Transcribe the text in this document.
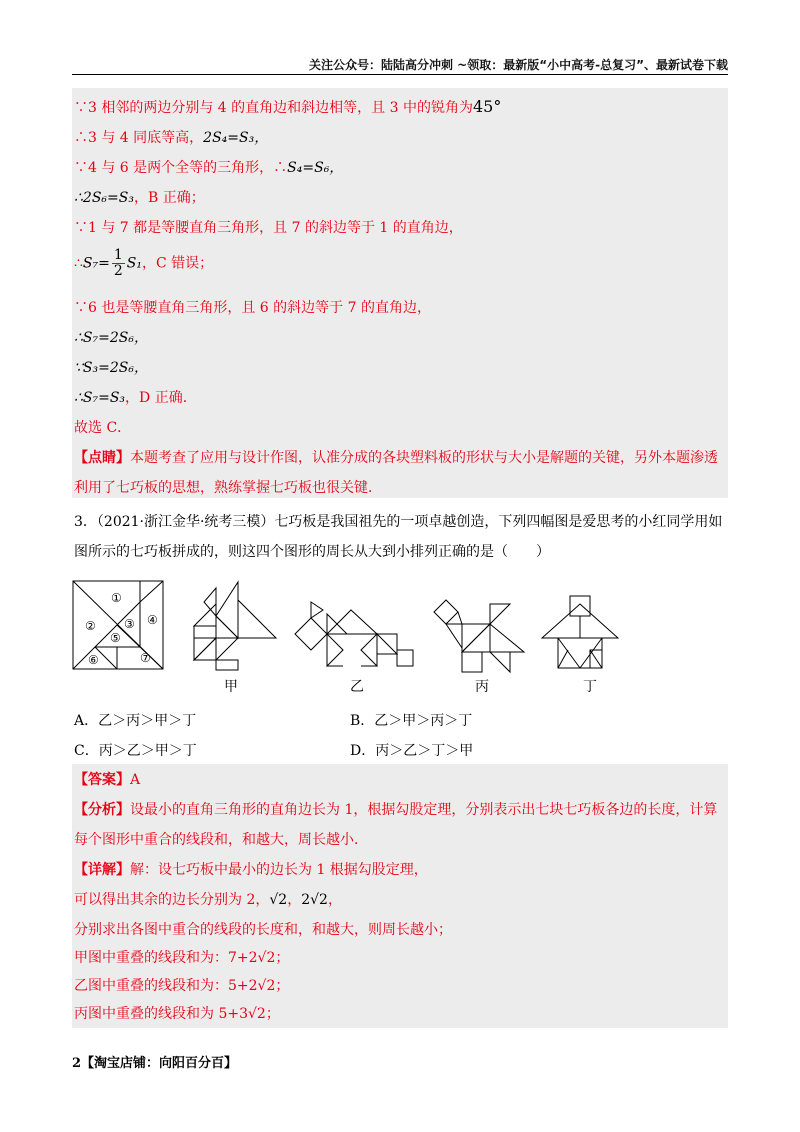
关注公众号：陆陆高分冲刺 ~领取：最新版“小中高考-总复习”、最新试卷下载
∵3 相邻的两边分别与 4 的直角边和斜边相等，且 3 中的锐角为45°
∴3 与 4 同底等高，2S₄=S₃，
∵4 与 6 是两个全等的三角形，∴S₄=S₆，
∴2S₆=S₃，B 正确；
∵1 与 7 都是等腰直角三角形，且 7 的斜边等于 1 的直角边，
∴S₇= $\frac{1}{2} S_1$，C 错误；
∵6 也是等腰直角三角形，且 6 的斜边等于 7 的直角边，
∴S₇=2S₆，
∵S₃=2S₆，
∴S₇=S₃，D 正确．
故选 C．
【点睛】本题考查了应用与设计作图，认准分成的各块塑料板的形状与大小是解题的关键，另外本题渗透
利用了七巧板的思想，熟练掌握七巧板也很关键．
3．（2021·浙江金华·统考三模）七巧板是我国祖先的一项卓越创造，下列四幅图是爱思考的小红同学用如
图所示的七巧板拼成的，则这四个图形的周长从大到小排列正确的是（　　）
①
② ③ ④
⑤
⑥	⑦
甲	乙	丙	丁
A．乙＞丙＞甲＞丁	B．乙＞甲＞丙＞丁
C．丙＞乙＞甲＞丁	D．丙＞乙＞丁＞甲
【答案】A
【分析】设最小的直角三角形的直角边长为 1，根据勾股定理，分别表示出七块七巧板各边的长度，计算
每个图形中重合的线段和，和越大，周长越小．
【详解】解：设七巧板中最小的边长为 1 根据勾股定理，
可以得出其余的边长分别为 2，√2，2√2，
分别求出各图中重合的线段的长度和，和越大，则周长越小；
甲图中重叠的线段和为：7+2√2；
乙图中重叠的线段和为：5+2√2；
丙图中重叠的线段和为 5+3√2；
2【淘宝店铺：向阳百分百】
